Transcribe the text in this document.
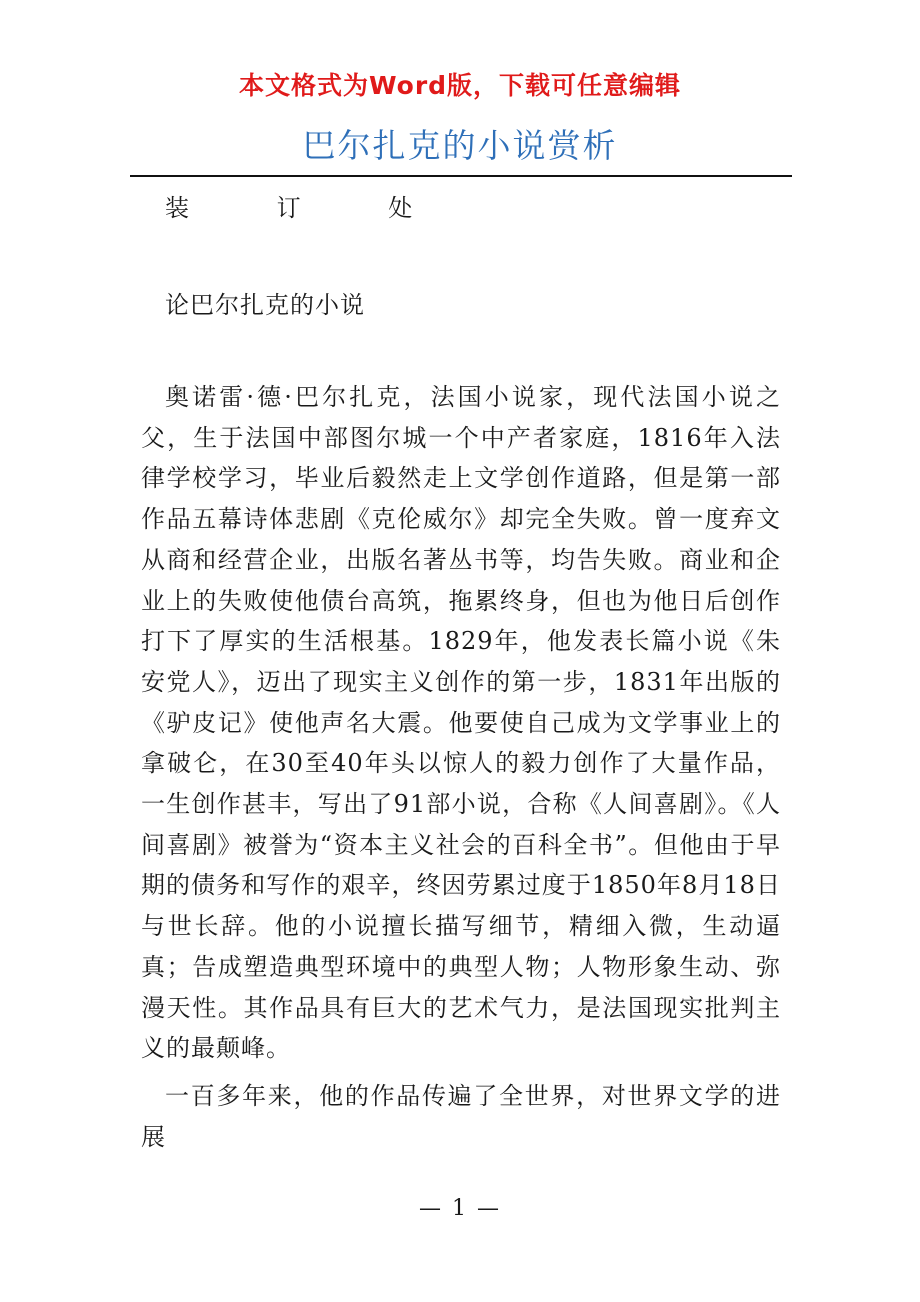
本文格式为Word版，下载可任意编辑
巴尔扎克的小说赏析
装 订 处
论巴尔扎克的小说

奥诺雷·德·巴尔扎克，法国小说家，现代法国小说之父，生于法国中部图尔城一个中产者家庭，1816年入法律学校学习，毕业后毅然走上文学创作道路，但是第一部作品五幕诗体悲剧《克伦威尔》却完全失败。曾一度弃文从商和经营企业，出版名著丛书等，均告失败。商业和企业上的失败使他债台高筑，拖累终身，但也为他日后创作打下了厚实的生活根基。1829年，他发表长篇小说《朱安党人》，迈出了现实主义创作的第一步，1831年出版的《驴皮记》使他声名大震。他要使自己成为文学事业上的拿破仑，在30至40年头以惊人的毅力创作了大量作品，一生创作甚丰，写出了91部小说，合称《人间喜剧》。《人间喜剧》被誉为“资本主义社会的百科全书”。但他由于早期的债务和写作的艰辛，终因劳累过度于1850年8月18日与世长辞。他的小说擅长描写细节，精细入微，生动逼真；告成塑造典型环境中的典型人物；人物形象生动、弥漫天性。其作品具有巨大的艺术气力，是法国现实批判主义的最颠峰。

一百多年来，他的作品传遍了全世界，对世界文学的进展

— 1 —
